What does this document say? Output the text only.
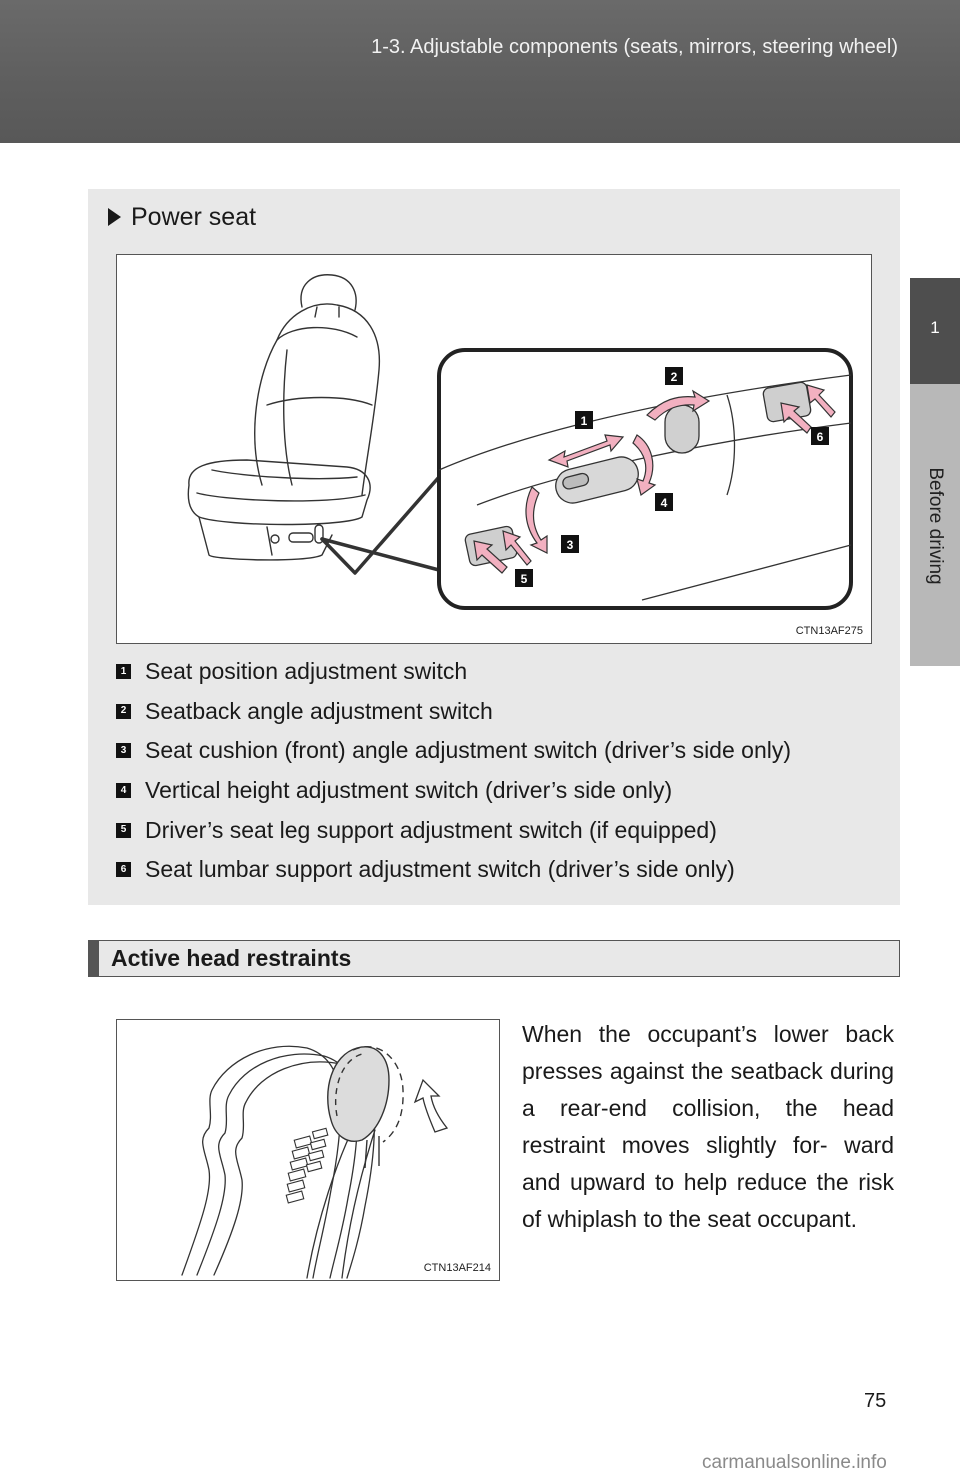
1-3. Adjustable components (seats, mirrors, steering wheel)
1
Before driving
Power seat
1
2
3
4
5
6
CTN13AF275
1 Seat position adjustment switch
2 Seatback angle adjustment switch
3 Seat cushion (front) angle adjustment switch (driver’s side only)
4 Vertical height adjustment switch (driver’s side only)
5 Driver’s seat leg support adjustment switch (if equipped)
6 Seat lumbar support adjustment switch (driver’s side only)
Active head restraints
CTN13AF214
When the occupant’s lower back presses against the seatback during a rear-end collision, the head restraint moves slightly for- ward and upward to help reduce the risk of whiplash to the seat occupant.
75
carmanualsonline.info
